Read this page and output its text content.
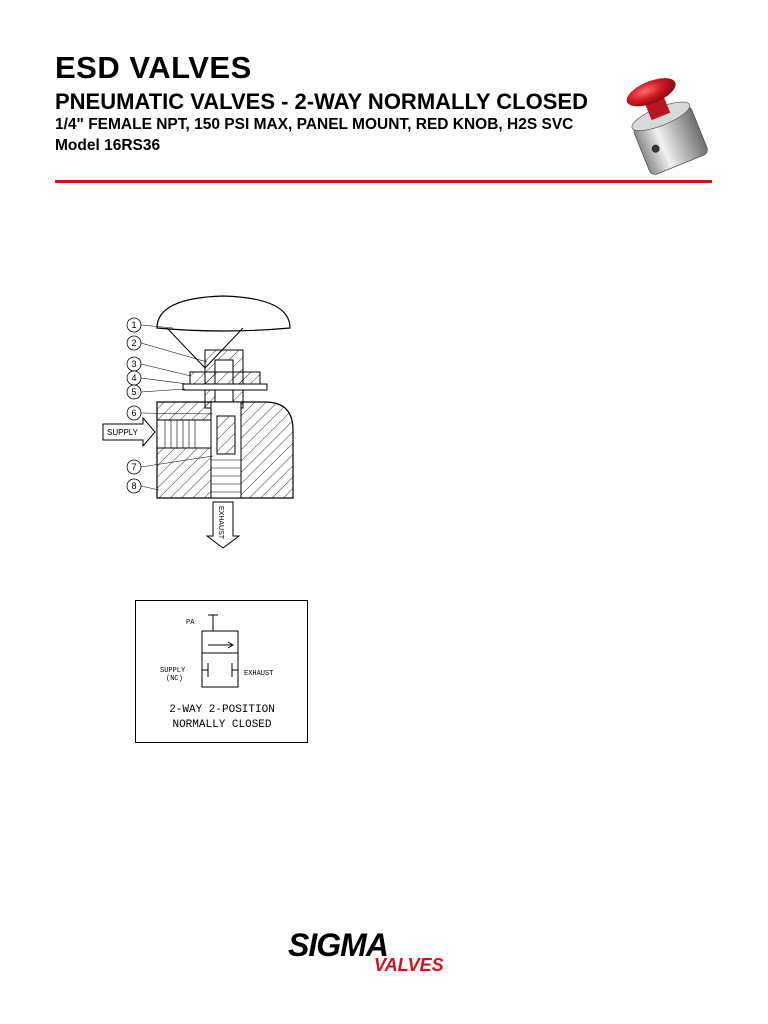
ESD VALVES
PNEUMATIC VALVES - 2-WAY NORMALLY CLOSED
1/4" FEMALE NPT, 150 PSI MAX, PANEL MOUNT, RED KNOB, H2S SVC
Model 16RS36
1
2
3
4
5
6
7
8
SUPPLY
EXHAUST
PA
SUPPLY
(NC)
EXHAUST
2-WAY 2-POSITION
NORMALLY CLOSED
SIGMA
VALVES
